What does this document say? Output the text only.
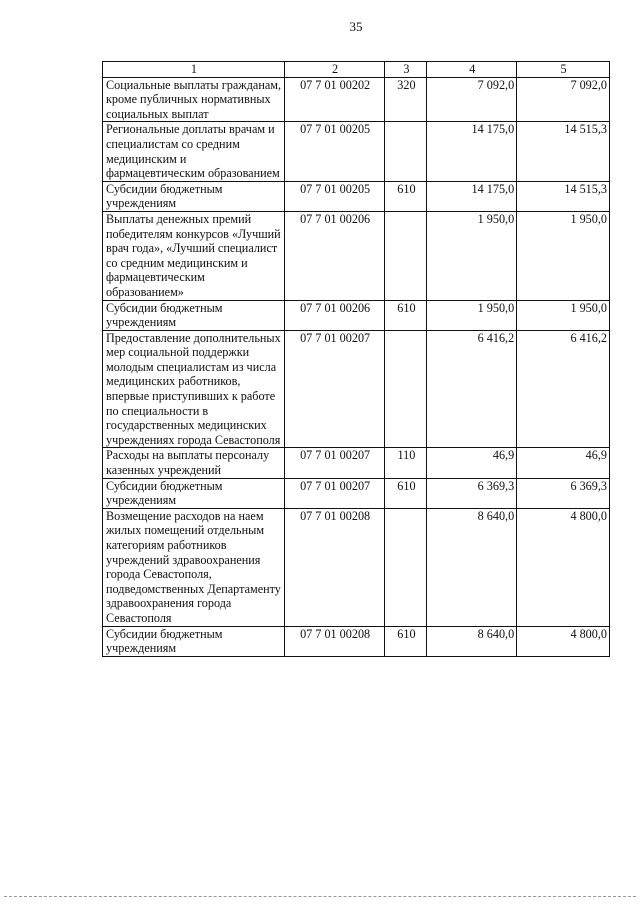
35
1	2	3	4	5
Социальные выплаты гражданам, кроме публичных нормативных социальных выплат	07 7 01 00202	320	7 092,0	7 092,0
Региональные доплаты врачам и специалистам со средним медицинским и фармацевтическим образованием	07 7 01 00205		14 175,0	14 515,3
Субсидии бюджетным учреждениям	07 7 01 00205	610	14 175,0	14 515,3
Выплаты денежных премий победителям конкурсов «Лучший врач года», «Лучший специалист со средним медицинским и фармацевтическим образованием»	07 7 01 00206		1 950,0	1 950,0
Субсидии бюджетным учреждениям	07 7 01 00206	610	1 950,0	1 950,0
Предоставление дополнительных мер социальной поддержки молодым специалистам из числа медицинских работников, впервые приступивших к работе по специальности в государственных медицинских учреждениях города Севастополя	07 7 01 00207		6 416,2	6 416,2
Расходы на выплаты персоналу казенных учреждений	07 7 01 00207	110	46,9	46,9
Субсидии бюджетным учреждениям	07 7 01 00207	610	6 369,3	6 369,3
Возмещение расходов на наем жилых помещений отдельным категориям работников учреждений здравоохранения города Севастополя, подведомственных Департаменту здравоохранения города Севастополя	07 7 01 00208		8 640,0	4 800,0
Субсидии бюджетным учреждениям	07 7 01 00208	610	8 640,0	4 800,0
